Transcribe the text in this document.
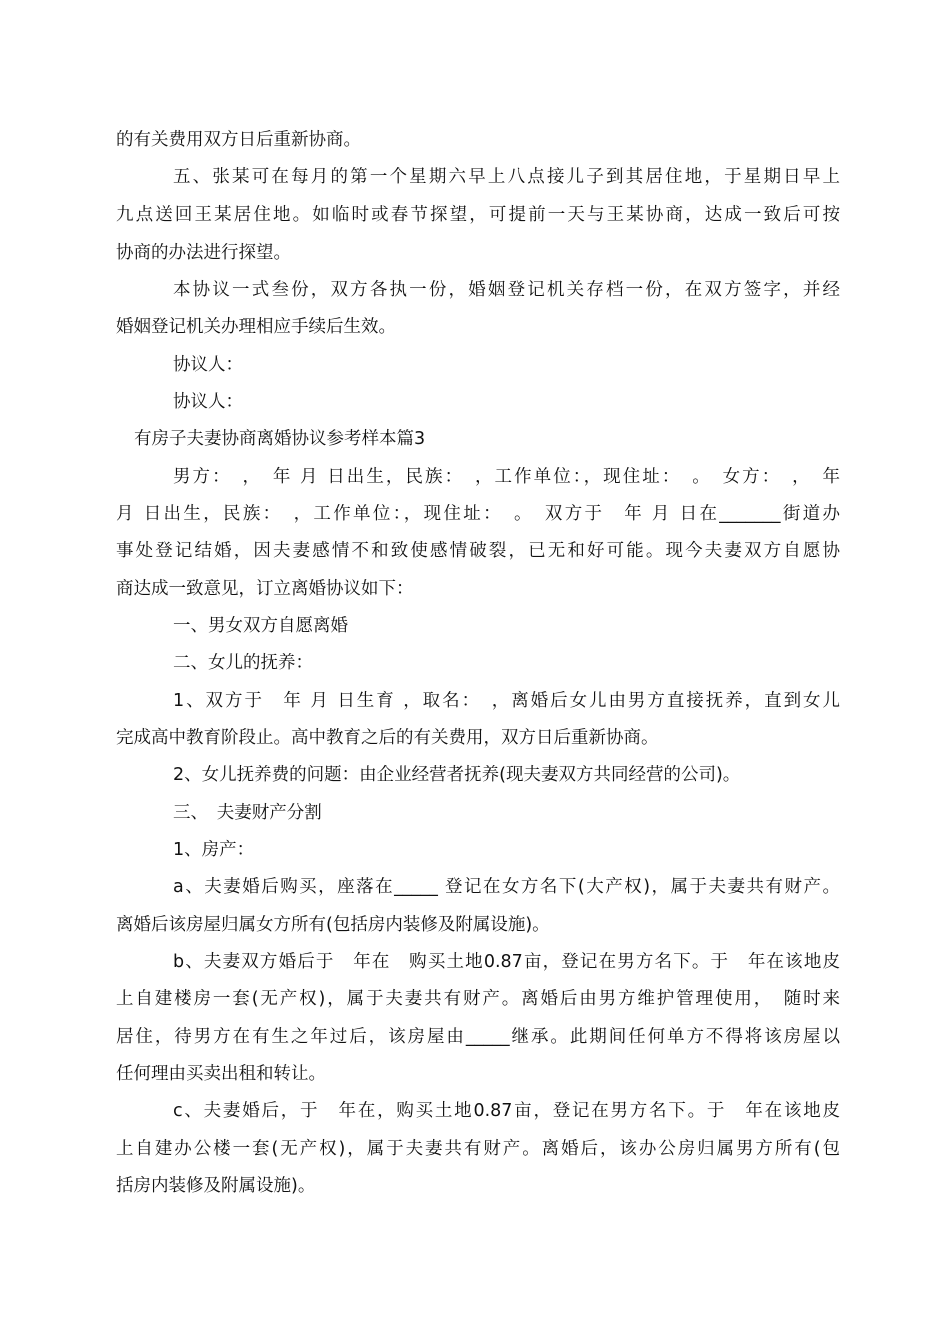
的有关费用双方日后重新协商。
五、张某可在每月的第一个星期六早上八点接儿子到其居住地，于星期日早上
九点送回王某居住地。如临时或春节探望，可提前一天与王某协商，达成一致后可按
协商的办法进行探望。
本协议一式叁份，双方各执一份，婚姻登记机关存档一份，在双方签字，并经
婚姻登记机关办理相应手续后生效。
协议人：
协议人：
有房子夫妻协商离婚协议参考样本篇3
男方：　，　年 月 日出生，民族：　，工作单位：，现住址：　。　女方：　，　年
月 日出生，民族：　，工作单位：，现住址：　。　双方于　年 月 日在_______街道办
事处登记结婚，因夫妻感情不和致使感情破裂，已无和好可能。现今夫妻双方自愿协
商达成一致意见，订立离婚协议如下：
一、男女双方自愿离婚
二、女儿的抚养：
1、双方于　年 月 日生育 ，取名：　，离婚后女儿由男方直接抚养，直到女儿
完成高中教育阶段止。高中教育之后的有关费用，双方日后重新协商。
2、女儿抚养费的问题：由企业经营者抚养(现夫妻双方共同经营的公司)。
三、　夫妻财产分割
1、房产：
a、夫妻婚后购买，座落在_____ 登记在女方名下(大产权)，属于夫妻共有财产。
离婚后该房屋归属女方所有(包括房内装修及附属设施)。
b、夫妻双方婚后于　年在　购买土地0.87亩，登记在男方名下。于　年在该地皮
上自建楼房一套(无产权)，属于夫妻共有财产。离婚后由男方维护管理使用，　随时来
居住，待男方在有生之年过后，该房屋由_____继承。此期间任何单方不得将该房屋以
任何理由买卖出租和转让。
c、夫妻婚后，于　年在，购买土地0.87亩，登记在男方名下。于　年在该地皮
上自建办公楼一套(无产权)，属于夫妻共有财产。离婚后，该办公房归属男方所有(包
括房内装修及附属设施)。
